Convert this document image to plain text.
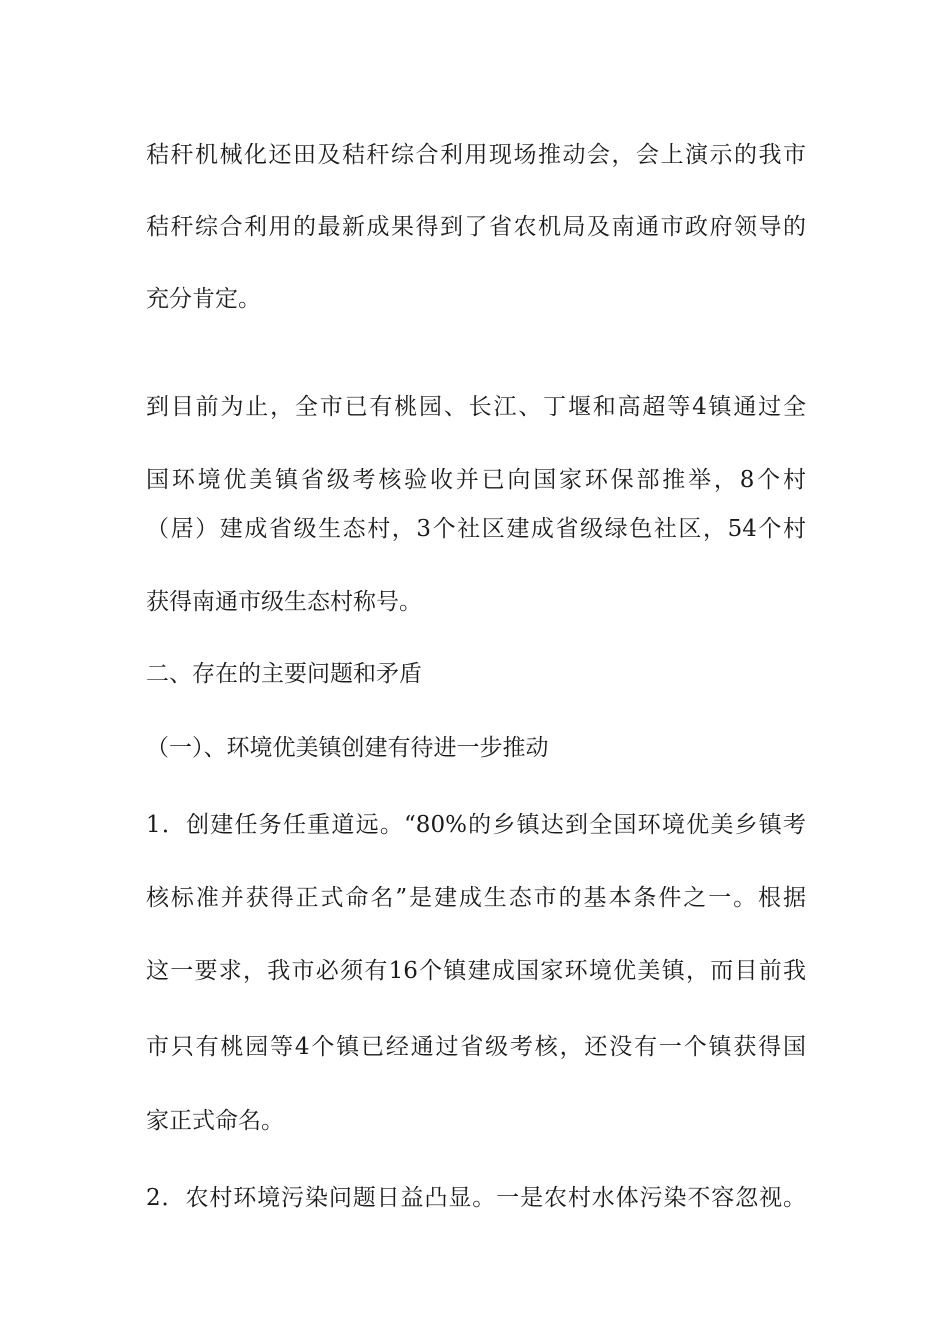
秸秆机械化还田及秸秆综合利用现场推动会，会上演示的我市
秸秆综合利用的最新成果得到了省农机局及南通市政府领导的
充分肯定。
到目前为止，全市已有桃园、长江、丁堰和高超等4镇通过全
国环境优美镇省级考核验收并已向国家环保部推举，8个村
（居）建成省级生态村，3个社区建成省级绿色社区，54个村
获得南通市级生态村称号。
二、存在的主要问题和矛盾
（一）、环境优美镇创建有待进一步推动
1．创建任务任重道远。“80%的乡镇达到全国环境优美乡镇考
核标准并获得正式命名”是建成生态市的基本条件之一。根据
这一要求，我市必须有16个镇建成国家环境优美镇，而目前我
市只有桃园等4个镇已经通过省级考核，还没有一个镇获得国
家正式命名。
2．农村环境污染问题日益凸显。一是农村水体污染不容忽视。
